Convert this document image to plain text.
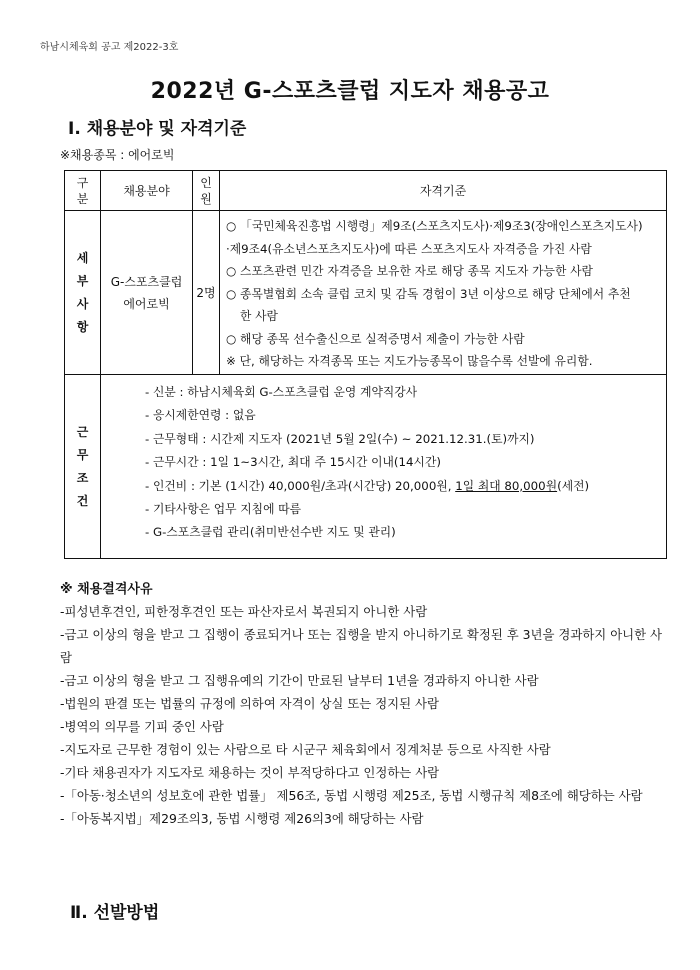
하남시체육회 공고 제2022-3호
2022년 G-스포츠클럽 지도자 채용공고
Ⅰ. 채용분야 및 자격기준
※채용종목 : 에어로빅
구
분
채용분야
인
원
자격기준
세
부
사
항
G-스포츠클럽
에어로빅
2명
○ 「국민체육진흥법 시행령」제9조(스포츠지도사)·제9조3(장애인스포츠지도사)
·제9조4(유소년스포츠지도사)에 따른 스포츠지도사 자격증을 가진 사람
○ 스포츠관련 민간 자격증을 보유한 자로 해당 종목 지도자 가능한 사람
○ 종목별협회 소속 클럽 코치 및 감독 경험이 3년 이상으로 해당 단체에서 추천
한 사람
○ 해당 종목 선수출신으로 실적증명서 제출이 가능한 사람
※ 단, 해당하는 자격종목 또는 지도가능종목이 많을수록 선발에 유리함.
근
무
조
건
- 신분 : 하남시체육회 G-스포츠클럽 운영 계약직강사
- 응시제한연령 : 없음
- 근무형태 : 시간제 지도자 (2021년 5월 2일(수) ~ 2021.12.31.(토)까지)
- 근무시간 : 1일 1~3시간, 최대 주 15시간 이내(14시간)
- 인건비 : 기본 (1시간) 40,000원/초과(시간당) 20,000원, 1일 최대 80,000원(세전)
- 기타사항은 업무 지침에 따름
- G-스포츠클럽 관리(취미반선수반 지도 및 관리)
※ 채용결격사유
-피성년후견인, 피한정후견인 또는 파산자로서 복권되지 아니한 사람
-금고 이상의 형을 받고 그 집행이 종료되거나 또는 집행을 받지 아니하기로 확정된 후 3년을 경과하지 아니한 사람
-금고 이상의 형을 받고 그 집행유예의 기간이 만료된 날부터 1년을 경과하지 아니한 사람
-법원의 판결 또는 법률의 규정에 의하여 자격이 상실 또는 정지된 사람
-병역의 의무를 기피 중인 사람
-지도자로 근무한 경험이 있는 사람으로 타 시군구 체육회에서 징계처분 등으로 사직한 사람
-기타 채용권자가 지도자로 채용하는 것이 부적당하다고 인정하는 사람
-「아동·청소년의 성보호에 관한 법률」 제56조, 동법 시행령 제25조, 동법 시행규칙 제8조에 해당하는 사람
-「아동복지법」제29조의3, 동법 시행령 제26의3에 해당하는 사람
Ⅱ. 선발방법
